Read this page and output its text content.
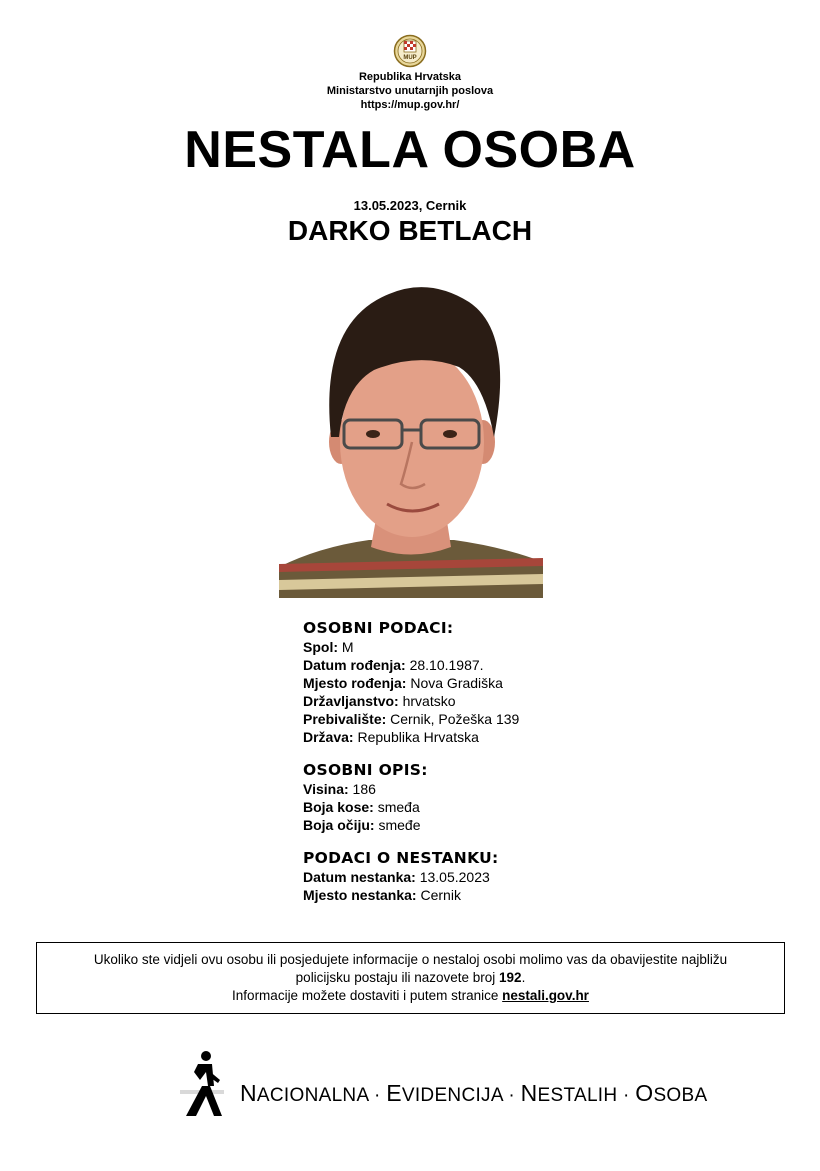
MUP
Republika Hrvatska
Ministarstvo unutarnjih poslova
https://mup.gov.hr/
NESTALA OSOBA
13.05.2023, Cernik
DARKO BETLACH
OSOBNI PODACI:
Spol: M
Datum rođenja: 28.10.1987.
Mjesto rođenja: Nova Gradiška
Državljanstvo: hrvatsko
Prebivalište: Cernik, Požeška 139
Država: Republika Hrvatska
OSOBNI OPIS:
Visina: 186
Boja kose: smeđa
Boja očiju: smeđe
PODACI O NESTANKU:
Datum nestanka: 13.05.2023
Mjesto nestanka: Cernik
Ukoliko ste vidjeli ovu osobu ili posjedujete informacije o nestaloj osobi molimo vas da obavijestite najbližu
policijsku postaju ili nazovete broj 192.
Informacije možete dostaviti i putem stranice nestali.gov.hr
NACIONALNA · EVIDENCIJA · NESTALIH · OSOBA
